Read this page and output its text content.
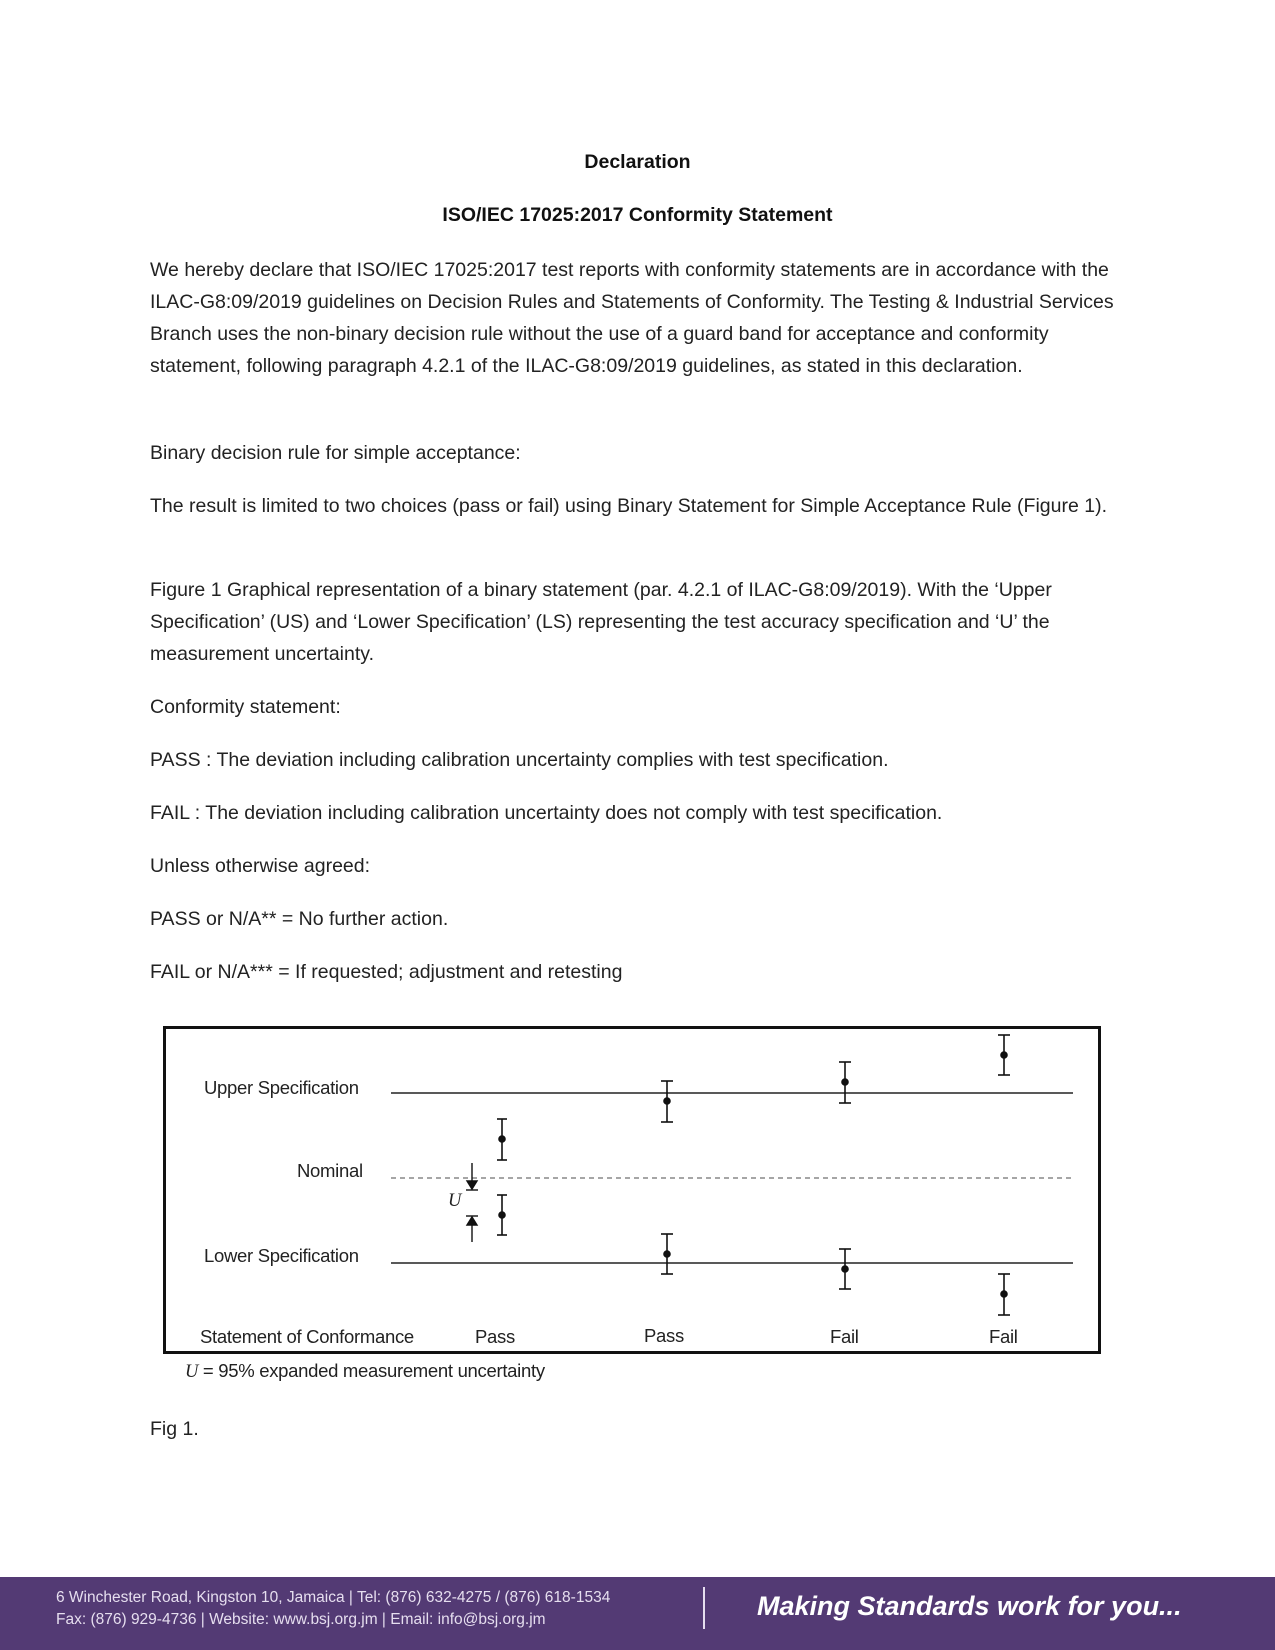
Declaration
ISO/IEC 17025:2017 Conformity Statement

We hereby declare that ISO/IEC 17025:2017 test reports with conformity statements are in accordance with the ILAC-G8:09/2019 guidelines on Decision Rules and Statements of Conformity. The Testing & Industrial Services Branch uses the non-binary decision rule without the use of a guard band for acceptance and conformity statement, following paragraph 4.2.1 of the ILAC-G8:09/2019 guidelines, as stated in this declaration.

Binary decision rule for simple acceptance:

The result is limited to two choices (pass or fail) using Binary Statement for Simple Acceptance Rule (Figure 1).

Figure 1 Graphical representation of a binary statement (par. 4.2.1 of ILAC-G8:09/2019). With the ‘Upper Specification’ (US) and ‘Lower Specification’ (LS) representing the test accuracy specification and ‘U’ the measurement uncertainty.

Conformity statement:

PASS : The deviation including calibration uncertainty complies with test specification.

FAIL : The deviation including calibration uncertainty does not comply with test specification.

Unless otherwise agreed:

PASS or N/A** = No further action.

FAIL or N/A*** = If requested; adjustment and retesting

Upper Specification
Nominal
Lower Specification
Statement of Conformance	Pass	Pass	Fail	Fail
U
U = 95% expanded measurement uncertainty

Fig 1.

6 Winchester Road, Kingston 10, Jamaica | Tel: (876) 632-4275 / (876) 618-1534
Fax: (876) 929-4736 | Website: www.bsj.org.jm | Email: info@bsj.org.jm	Making Standards work for you...
